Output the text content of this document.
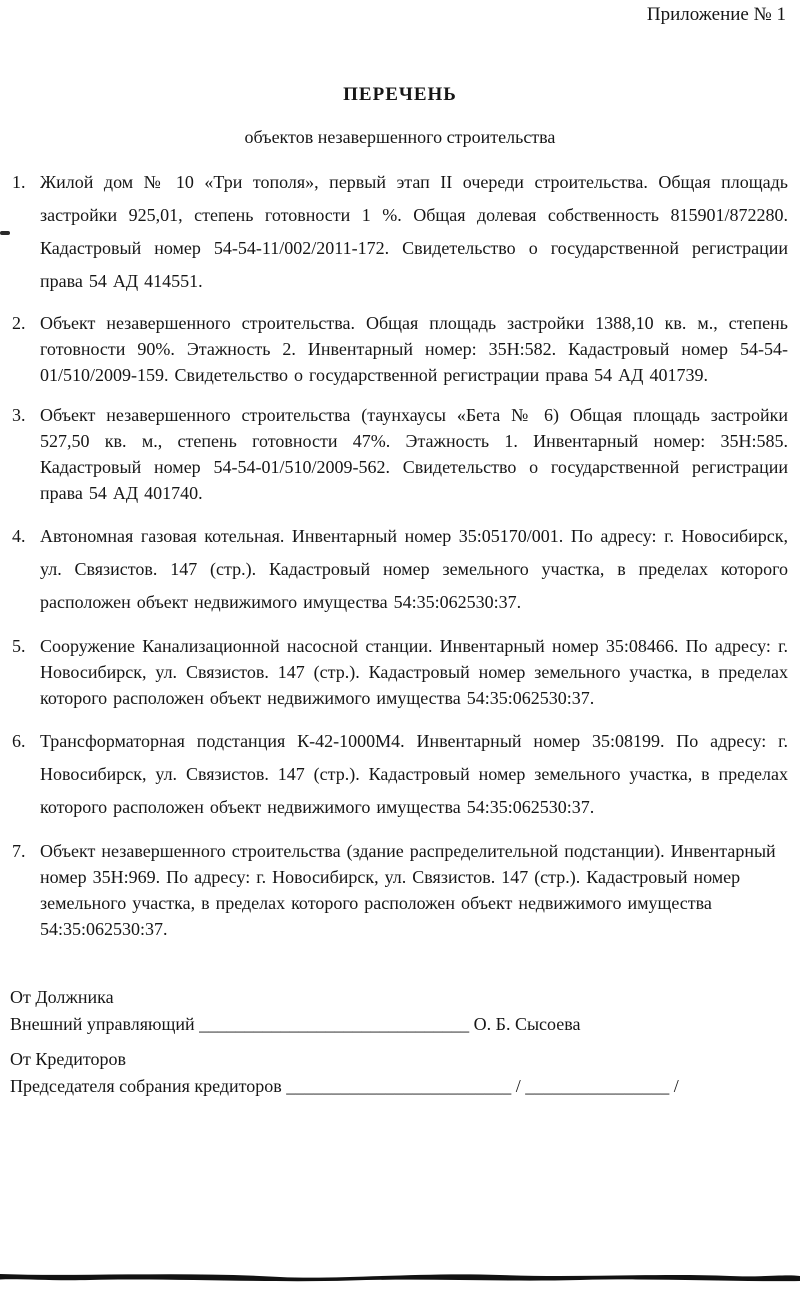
Приложение № 1
ПЕРЕЧЕНЬ
объектов незавершенного строительства
1. Жилой дом № 10 «Три тополя», первый этап II очереди строительства. Общая площадь застройки 925,01, степень готовности 1 %. Общая долевая собственность 815901/872280. Кадастровый номер 54-54-11/002/2011-172. Свидетельство о государственной регистрации права 54 АД 414551.
2. Объект незавершенного строительства. Общая площадь застройки 1388,10 кв. м., степень готовности 90%. Этажность 2. Инвентарный номер: 35Н:582. Кадастровый номер 54-54-01/510/2009-159. Свидетельство о государственной регистрации права 54 АД 401739.
3. Объект незавершенного строительства (таунхаусы «Бета № 6) Общая площадь застройки 527,50 кв. м., степень готовности 47%. Этажность 1. Инвентарный номер: 35Н:585. Кадастровый номер 54-54-01/510/2009-562. Свидетельство о государственной регистрации права 54 АД 401740.
4. Автономная газовая котельная. Инвентарный номер 35:05170/001. По адресу: г. Новосибирск, ул. Связистов. 147 (стр.). Кадастровый номер земельного участка, в пределах которого расположен объект недвижимого имущества 54:35:062530:37.
5. Сооружение Канализационной насосной станции. Инвентарный номер 35:08466. По адресу: г. Новосибирск, ул. Связистов. 147 (стр.). Кадастровый номер земельного участка, в пределах которого расположен объект недвижимого имущества 54:35:062530:37.
6. Трансформаторная подстанция К-42-1000М4. Инвентарный номер 35:08199. По адресу: г. Новосибирск, ул. Связистов. 147 (стр.). Кадастровый номер земельного участка, в пределах которого расположен объект недвижимого имущества 54:35:062530:37.
7. Объект незавершенного строительства (здание распределительной подстанции). Инвентарный номер 35Н:969. По адресу: г. Новосибирск, ул. Связистов. 147 (стр.). Кадастровый номер земельного участка, в пределах которого расположен объект недвижимого имущества 54:35:062530:37.
От Должника
Внешний управляющий ______________________________ О. Б. Сысоева
От Кредиторов
Председателя собрания кредиторов _________________________ / ________________ /
